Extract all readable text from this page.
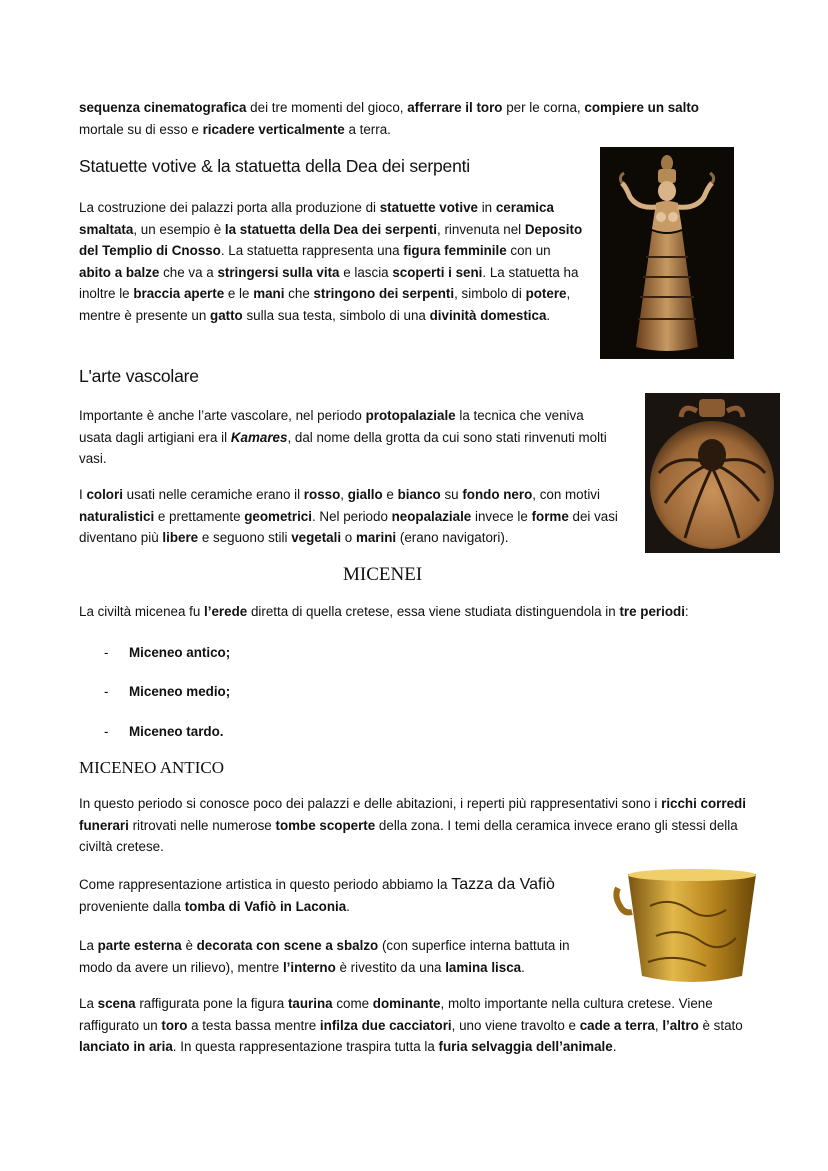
sequenza cinematografica dei tre momenti del gioco, afferrare il toro per le corna, compiere un salto mortale su di esso e ricadere verticalmente a terra.

Statuette votive & la statuetta della Dea dei serpenti

La costruzione dei palazzi porta alla produzione di statuette votive in ceramica smaltata, un esempio è la statuetta della Dea dei serpenti, rinvenuta nel Deposito del Templio di Cnosso. La statuetta rappresenta una figura femminile con un abito a balze che va a stringersi sulla vita e lascia scoperti i seni. La statuetta ha inoltre le braccia aperte e le mani che stringono dei serpenti, simbolo di potere, mentre è presente un gatto sulla sua testa, simbolo di una divinità domestica.

L'arte vascolare

Importante è anche l’arte vascolare, nel periodo protopalaziale la tecnica che veniva usata dagli artigiani era il Kamares, dal nome della grotta da cui sono stati rinvenuti molti vasi.

I colori usati nelle ceramiche erano il rosso, giallo e bianco su fondo nero, con motivi naturalistici e prettamente geometrici. Nel periodo neopalaziale invece le forme dei vasi diventano più libere e seguono stili vegetali o marini (erano navigatori).

MICENEI

La civiltà micenea fu l’erede diretta di quella cretese, essa viene studiata distinguendola in tre periodi:

- Miceneo antico;
- Miceneo medio;
- Miceneo tardo.
MICENEO ANTICO

In questo periodo si conosce poco dei palazzi e delle abitazioni, i reperti più rappresentativi sono i ricchi corredi funerari ritrovati nelle numerose tombe scoperte della zona. I temi della ceramica invece erano gli stessi della civiltà cretese.

Come rappresentazione artistica in questo periodo abbiamo la Tazza da Vafiò
proveniente dalla tomba di Vafiò in Laconia.

La parte esterna è decorata con scene a sbalzo (con superfice interna battuta in modo da avere un rilievo), mentre l’interno è rivestito da una lamina lisca.

La scena raffigurata pone la figura taurina come dominante, molto importante nella cultura cretese. Viene raffigurato un toro a testa bassa mentre infilza due cacciatori, uno viene travolto e cade a terra, l’altro è stato lanciato in aria. In questa rappresentazione traspira tutta la furia selvaggia dell’animale.
